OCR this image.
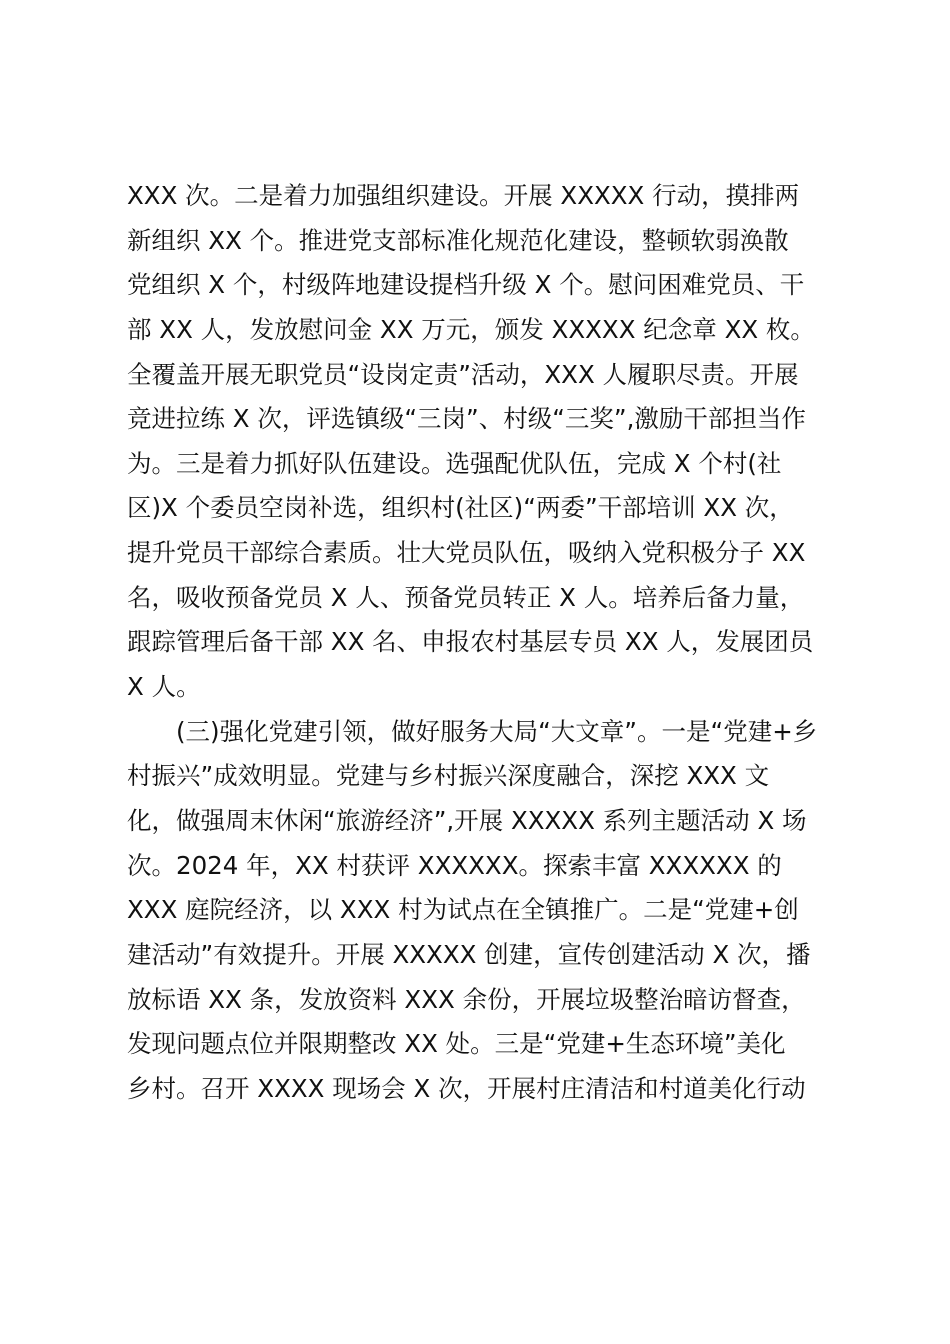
XXX 次。二是着力加强组织建设。开展 XXXXX 行动，摸排两
新组织 XX 个。推进党支部标准化规范化建设，整顿软弱涣散
党组织 X 个，村级阵地建设提档升级 X 个。慰问困难党员、干
部 XX 人，发放慰问金 XX 万元，颁发 XXXXX 纪念章 XX 枚。
全覆盖开展无职党员“设岗定责”活动，XXX 人履职尽责。开展
竞进拉练 X 次，评选镇级“三岗”、村级“三奖”,激励干部担当作
为。三是着力抓好队伍建设。选强配优队伍，完成 X 个村(社
区)X 个委员空岗补选，组织村(社区)“两委”干部培训 XX 次，
提升党员干部综合素质。壮大党员队伍，吸纳入党积极分子 XX
名，吸收预备党员 X 人、预备党员转正 X 人。培养后备力量，
跟踪管理后备干部 XX 名、申报农村基层专员 XX 人，发展团员
X 人。
　　(三)强化党建引领，做好服务大局“大文章”。一是“党建+乡
村振兴”成效明显。党建与乡村振兴深度融合，深挖 XXX 文
化，做强周末休闲“旅游经济”,开展 XXXXX 系列主题活动 X 场
次。2024 年，XX 村获评 XXXXXX。探索丰富 XXXXXX 的
XXX 庭院经济，以 XXX 村为试点在全镇推广。二是“党建+创
建活动”有效提升。开展 XXXXX 创建，宣传创建活动 X 次，播
放标语 XX 条，发放资料 XXX 余份，开展垃圾整治暗访督查，
发现问题点位并限期整改 XX 处。三是“党建+生态环境”美化
乡村。召开 XXXX 现场会 X 次，开展村庄清洁和村道美化行动
